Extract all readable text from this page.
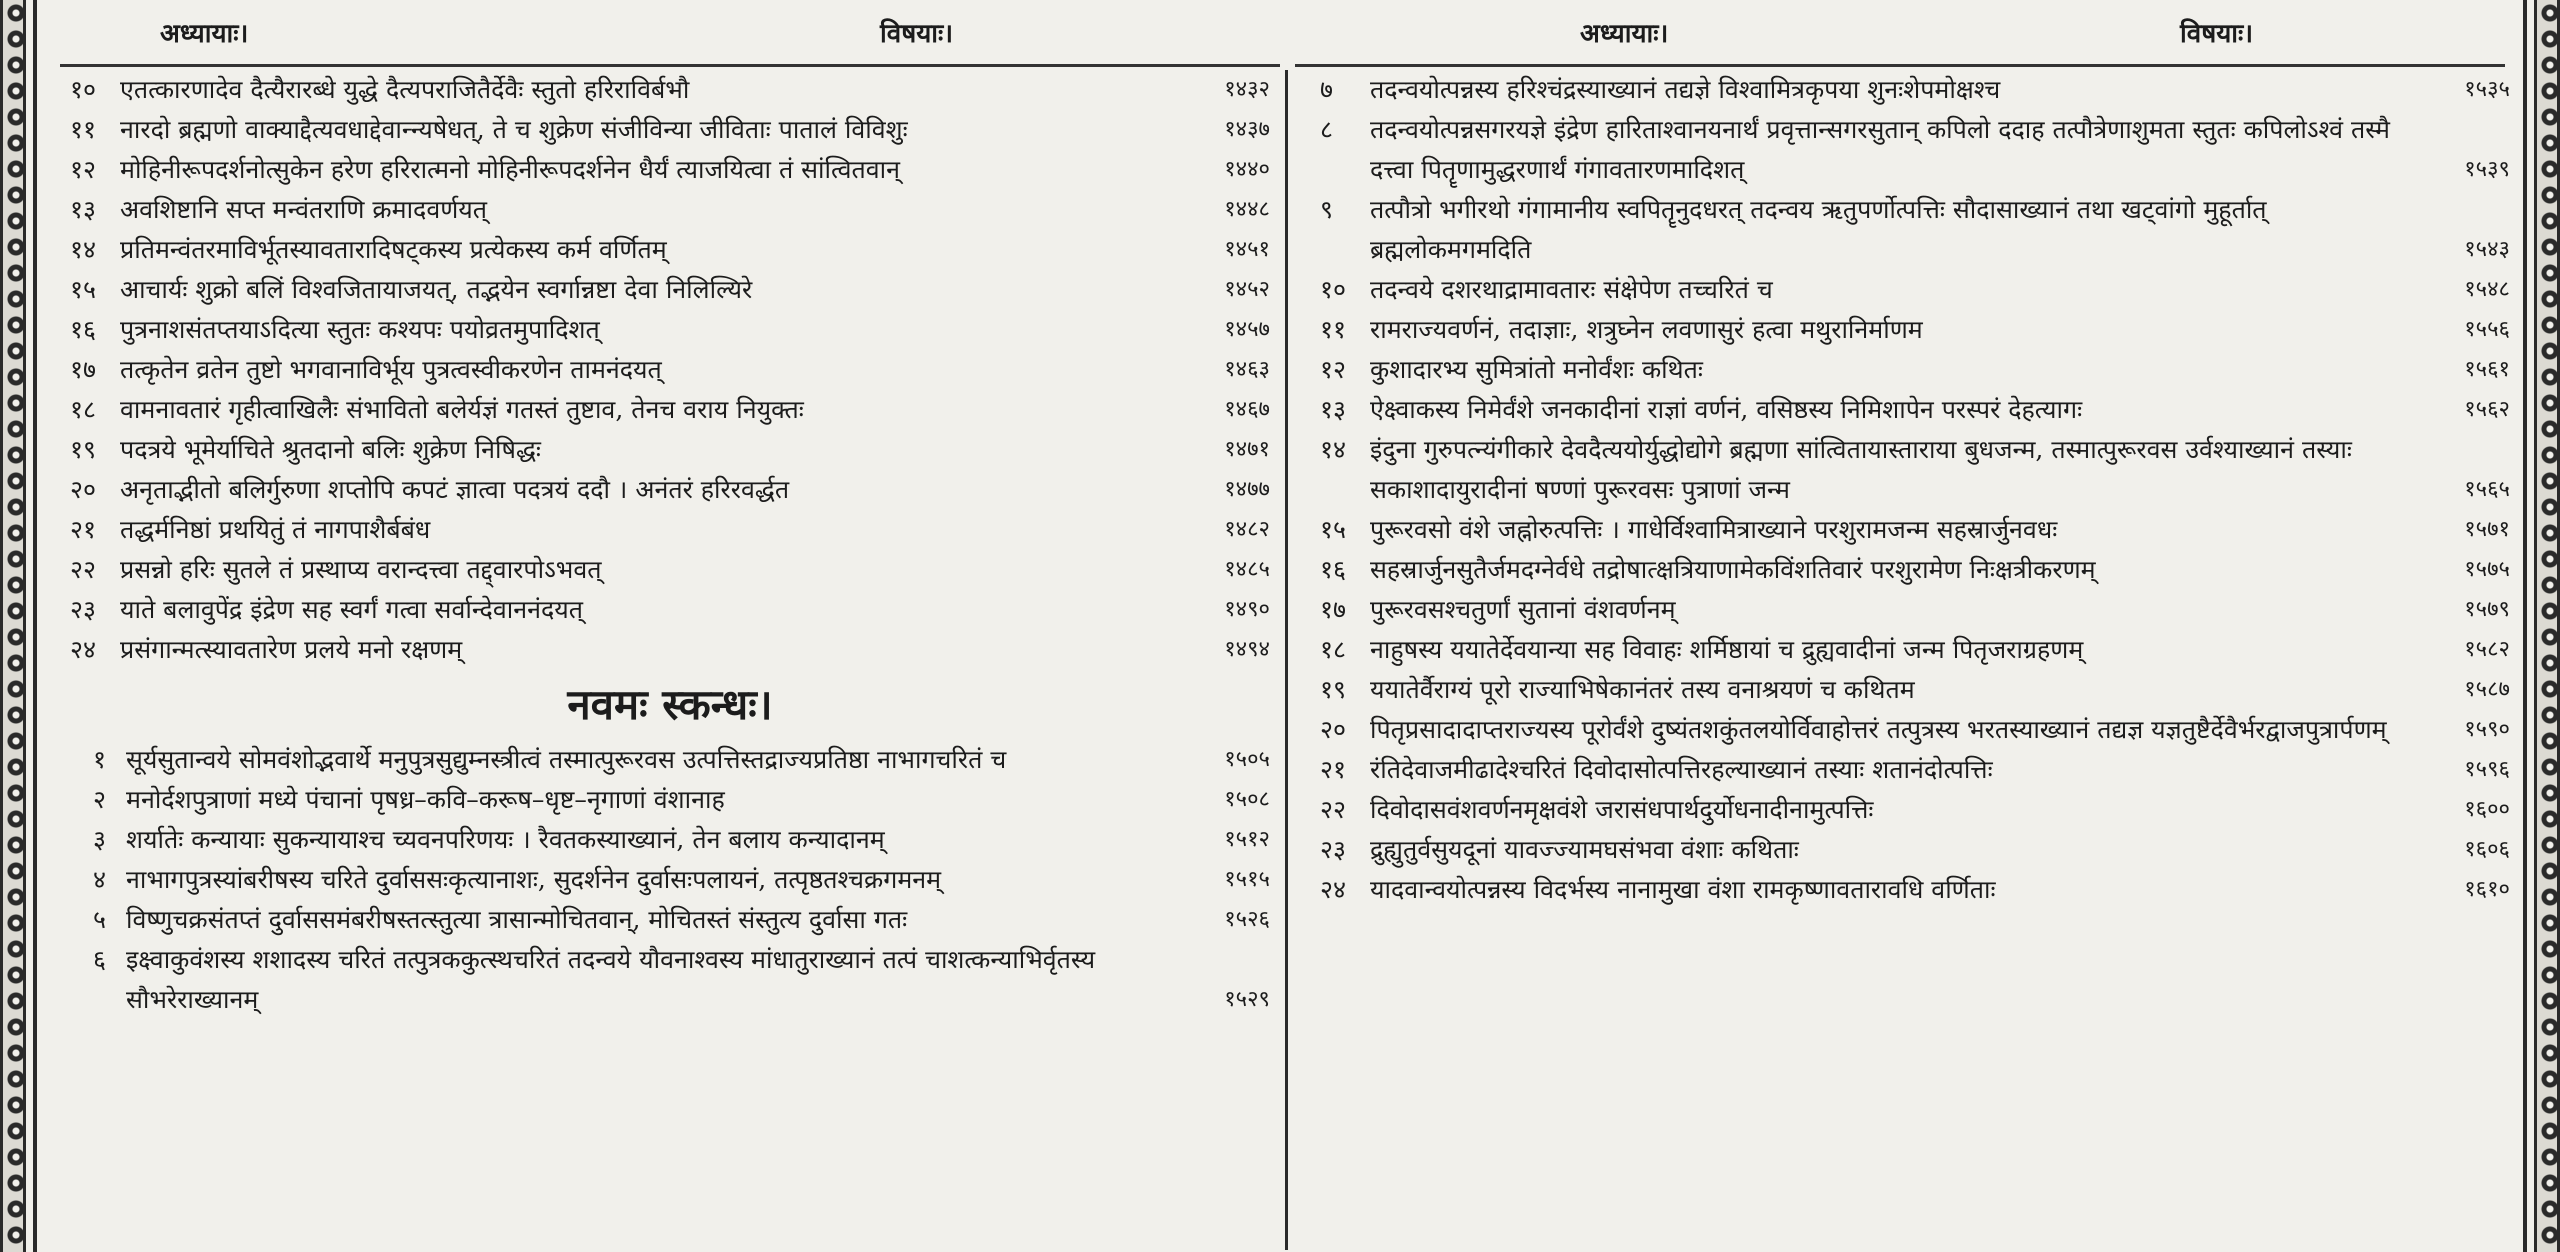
अध्यायाः।	विषयाः।	अध्यायाः।	विषयाः।
१० एतत्कारणादेव दैत्यैरारब्धे युद्धे दैत्यपराजितैर्देवैः स्तुतो हरिराविर्बभौ	१४३२
११ नारदो ब्रह्मणो वाक्याद्दैत्यवधाद्देवान्न्यषेधत्, ते च शुक्रेण संजीविन्या जीविताः पातालं विविशुः	१४३७
१२ मोहिनीरूपदर्शनोत्सुकेन हरेण हरिरात्मनो मोहिनीरूपदर्शनेन धैर्यं त्याजयित्वा तं सांत्वितवान्	१४४०
१३ अवशिष्टानि सप्त मन्वंतराणि क्रमादवर्णयत्	१४४८
१४ प्रतिमन्वंतरमाविर्भूतस्यावतारादिषट्कस्य प्रत्येकस्य कर्म वर्णितम्	१४५१
१५ आचार्यः शुक्रो बलिं विश्वजितायाजयत्, तद्भयेन स्वर्गान्नष्टा देवा निलिल्यिरे	१४५२
१६ पुत्रनाशसंतप्तयाऽदित्या स्तुतः कश्यपः पयोव्रतमुपादिशत्	१४५७
१७ तत्कृतेन व्रतेन तुष्टो भगवानाविर्भूय पुत्रत्वस्वीकरणेन तामनंदयत्	१४६३
१८ वामनावतारं गृहीत्वाखिलैः संभावितो बलेर्यज्ञं गतस्तं तुष्टाव, तेनच वराय नियुक्तः	१४६७
१९ पदत्रये भूमेर्याचिते श्रुतदानो बलिः शुक्रेण निषिद्धः	१४७१
२० अनृताद्भीतो बलिर्गुरुणा शप्तोपि कपटं ज्ञात्वा पदत्रयं ददौ । अनंतरं हरिरवर्द्धत	१४७७
२१ तद्धर्मनिष्ठां प्रथयितुं तं नागपाशैर्बबंध	१४८२
२२ प्रसन्नो हरिः सुतले तं प्रस्थाप्य वरान्दत्त्वा तद्द्वारपोऽभवत्	१४८५
२३ याते बलावुपेंद्र इंद्रेण सह स्वर्गं गत्वा सर्वान्देवाननंदयत्	१४९०
२४ प्रसंगान्मत्स्यावतारेण प्रलये मनो रक्षणम्	१४९४
नवमः स्कन्धः।
१ सूर्यसुतान्वये सोमवंशोद्भवार्थे मनुपुत्रसुद्युम्नस्त्रीत्वं तस्मात्पुरूरवस उत्पत्तिस्तद्राज्यप्रतिष्ठा नाभागचरितं च	१५०५
२ मनोर्दशपुत्राणां मध्ये पंचानां पृषध्र–कवि–करूष–धृष्ट–नृगाणां वंशानाह	१५०८
३ शर्यातेः कन्यायाः सुकन्यायाश्च च्यवनपरिणयः । रैवतकस्याख्यानं, तेन बलाय कन्यादानम्	१५१२
४ नाभागपुत्रस्यांबरीषस्य चरिते दुर्वाससःकृत्यानाशः, सुदर्शनेन दुर्वासःपलायनं, तत्पृष्ठतश्चक्रगमनम्	१५१५
५ विष्णुचक्रसंतप्तं दुर्वाससमंबरीषस्तत्स्तुत्या त्रासान्मोचितवान्, मोचितस्तं संस्तुत्य दुर्वासा गतः	१५२६
६ इक्ष्वाकुवंशस्य शशादस्य चरितं तत्पुत्रककुत्स्थचरितं तदन्वये यौवनाश्वस्य मांधातुराख्यानं तत्पं चाशत्कन्याभिर्वृतस्य सौभरेराख्यानम्	१५२९
७	तदन्वयोत्पन्नस्य हरिश्चंद्रस्याख्यानं तद्यज्ञे विश्वामित्रकृपया शुनःशेपमोक्षश्च	१५३५
८	तदन्वयोत्पन्नसगरयज्ञे इंद्रेण हारिताश्वानयनार्थं प्रवृत्तान्सगरसुतान् कपिलो ददाह तत्पौत्रेणाशुमता स्तुतः कपिलोऽश्वं तस्मै दत्त्वा पितॄणामुद्धरणार्थं गंगावतारणमादिशत्	१५३९
९	तत्पौत्रो भगीरथो गंगामानीय स्वपितॄनुदधरत् तदन्वय ऋतुपर्णोत्पत्तिः सौदासाख्यानं तथा खट्वांगो मुहूर्तात् ब्रह्मलोकमगमदिति	१५४३
१० तदन्वये दशरथाद्रामावतारः संक्षेपेण तच्चरितं च	१५४८
११ रामराज्यवर्णनं, तदाज्ञाः, शत्रुघ्नेन लवणासुरं हत्वा मथुरानिर्माणम	१५५६
१२ कुशादारभ्य सुमित्रांतो मनोर्वंशः कथितः	१५६१
१३ ऐक्ष्वाकस्य निमेर्वंशे जनकादीनां राज्ञां वर्णनं, वसिष्ठस्य निमिशापेन परस्परं देहत्यागः	१५६२
१४ इंदुना गुरुपत्न्यंगीकारे देवदैत्ययोर्युद्धोद्योगे ब्रह्मणा सांत्वितायास्ताराया बुधजन्म, तस्मात्पुरूरवस उर्वश्याख्यानं तस्याः सकाशादायुरादीनां षण्णां पुरूरवसः पुत्राणां जन्म	१५६५
१५ पुरूरवसो वंशे जह्नोरुत्पत्तिः । गाधेर्विश्वामित्राख्याने परशुरामजन्म सहस्रार्जुनवधः	१५७१
१६ सहस्रार्जुनसुतैर्जमदग्नेर्वधे तद्रोषात्क्षत्रियाणामेकविंशतिवारं परशुरामेण निःक्षत्रीकरणम्	१५७५
१७ पुरूरवसश्चतुर्णां सुतानां वंशवर्णनम्	१५७९
१८ नाहुषस्य ययातेर्देवयान्या सह विवाहः शर्मिष्ठायां च द्रुह्यवादीनां जन्म पितृजराग्रहणम्	१५८२
१९ ययातेर्वैराग्यं पूरो राज्याभिषेकानंतरं तस्य वनाश्रयणं च कथितम	१५८७
२० पितृप्रसादादाप्तराज्यस्य पूरोर्वंशे दुष्यंतशकुंतलयोर्विवाहोत्तरं तत्पुत्रस्य भरतस्याख्यानं तद्यज्ञ यज्ञतुष्टैर्देवैर्भरद्वाजपुत्रार्पणम्	१५९०
२१ रंतिदेवाजमीढादेश्चरितं दिवोदासोत्पत्तिरहल्याख्यानं तस्याः शतानंदोत्पत्तिः	१५९६
२२ दिवोदासवंशवर्णनमृक्षवंशे जरासंधपार्थदुर्योधनादीनामुत्पत्तिः	१६००
२३ द्रुह्युतुर्वसुयदूनां यावज्ज्यामघसंभवा वंशाः कथिताः	१६०६
२४ यादवान्वयोत्पन्नस्य विदर्भस्य नानामुखा वंशा रामकृष्णावतारावधि वर्णिताः	१६१०
